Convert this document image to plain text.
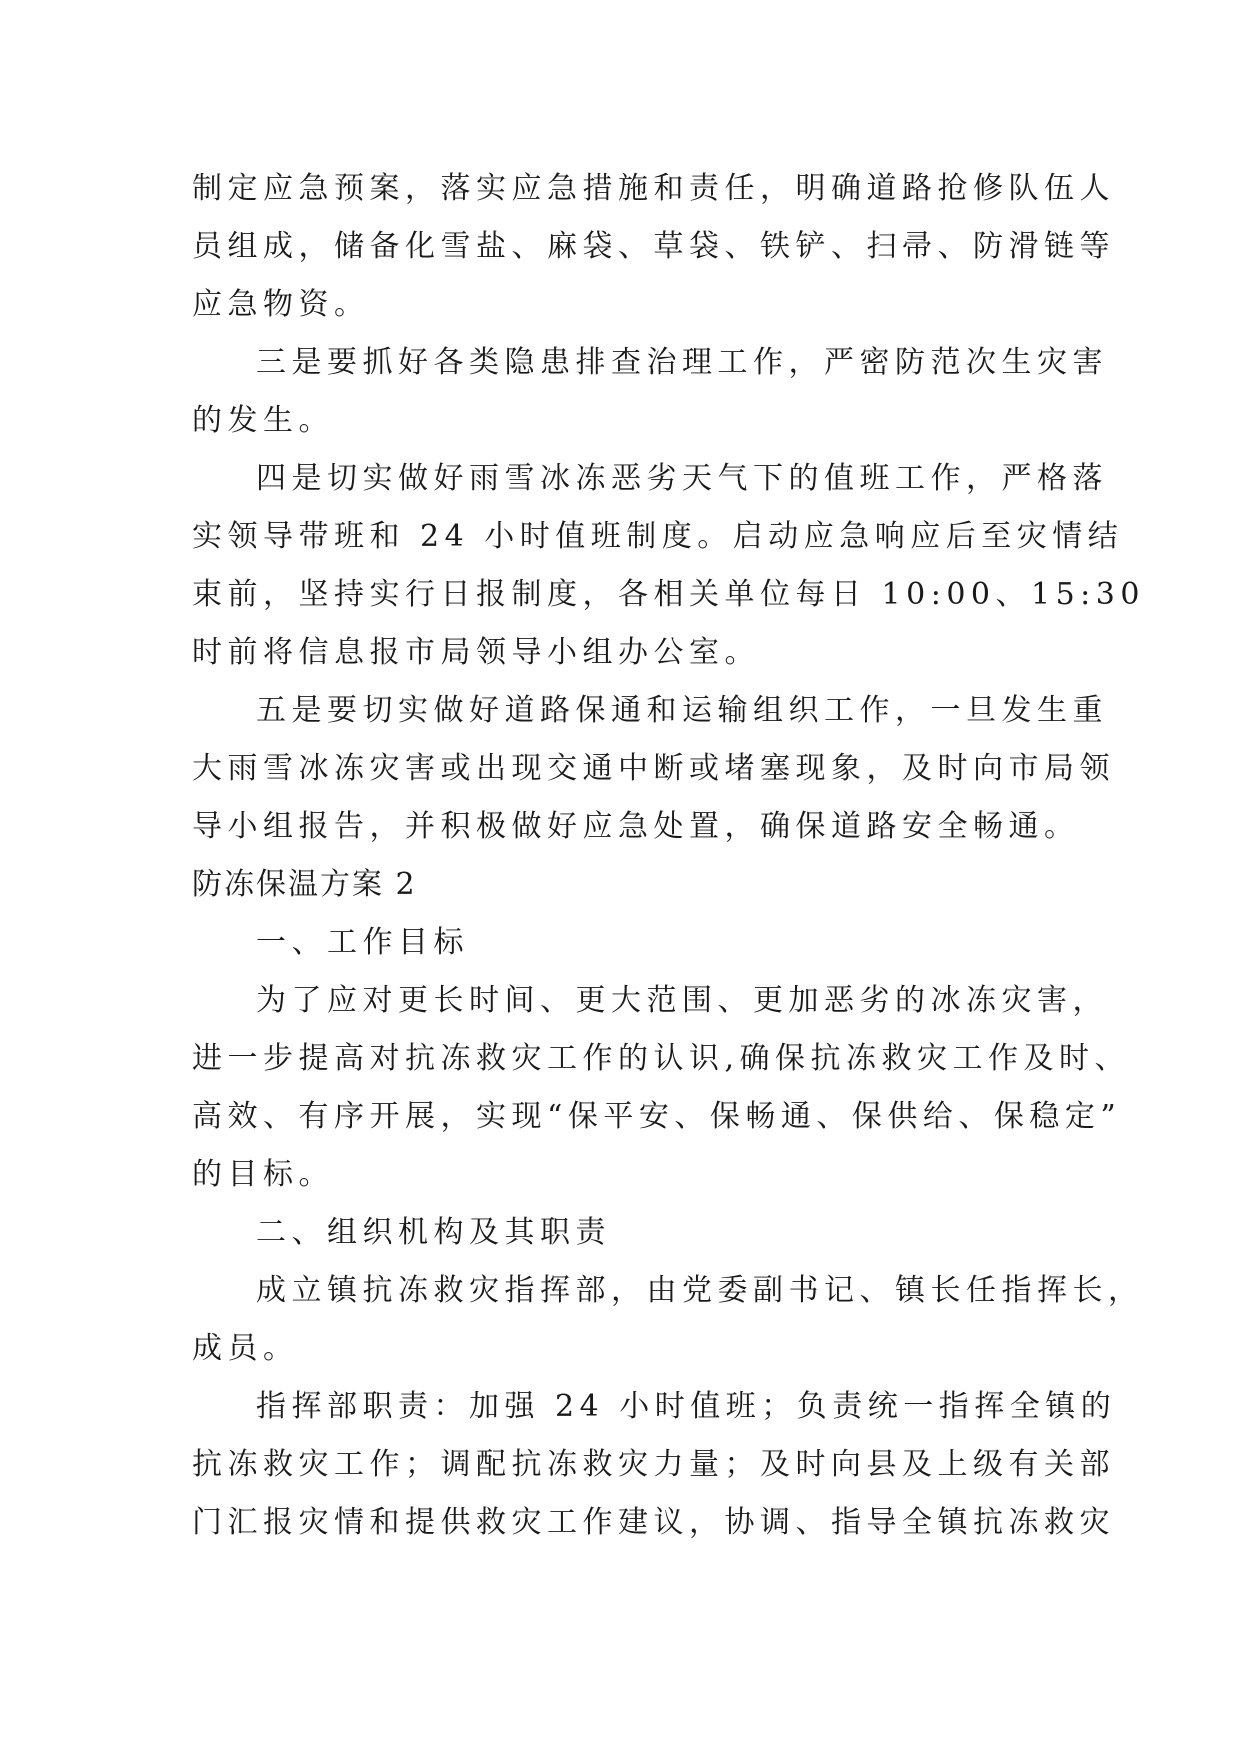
制定应急预案，落实应急措施和责任，明确道路抢修队伍人
员组成，储备化雪盐、麻袋、草袋、铁铲、扫帚、防滑链等
应急物资。
三是要抓好各类隐患排查治理工作，严密防范次生灾害
的发生。
四是切实做好雨雪冰冻恶劣天气下的值班工作，严格落
实领导带班和 24 小时值班制度。启动应急响应后至灾情结
束前，坚持实行日报制度，各相关单位每日 10:00、15:30
时前将信息报市局领导小组办公室。
五是要切实做好道路保通和运输组织工作，一旦发生重
大雨雪冰冻灾害或出现交通中断或堵塞现象，及时向市局领
导小组报告，并积极做好应急处置，确保道路安全畅通。
防冻保温方案 2
一、工作目标
为了应对更长时间、更大范围、更加恶劣的冰冻灾害，
进一步提高对抗冻救灾工作的认识,确保抗冻救灾工作及时、
高效、有序开展，实现“保平安、保畅通、保供给、保稳定”
的目标。
二、组织机构及其职责
成立镇抗冻救灾指挥部，由党委副书记、镇长任指挥长，
成员。
指挥部职责：加强 24 小时值班；负责统一指挥全镇的
抗冻救灾工作；调配抗冻救灾力量；及时向县及上级有关部
门汇报灾情和提供救灾工作建议，协调、指导全镇抗冻救灾
